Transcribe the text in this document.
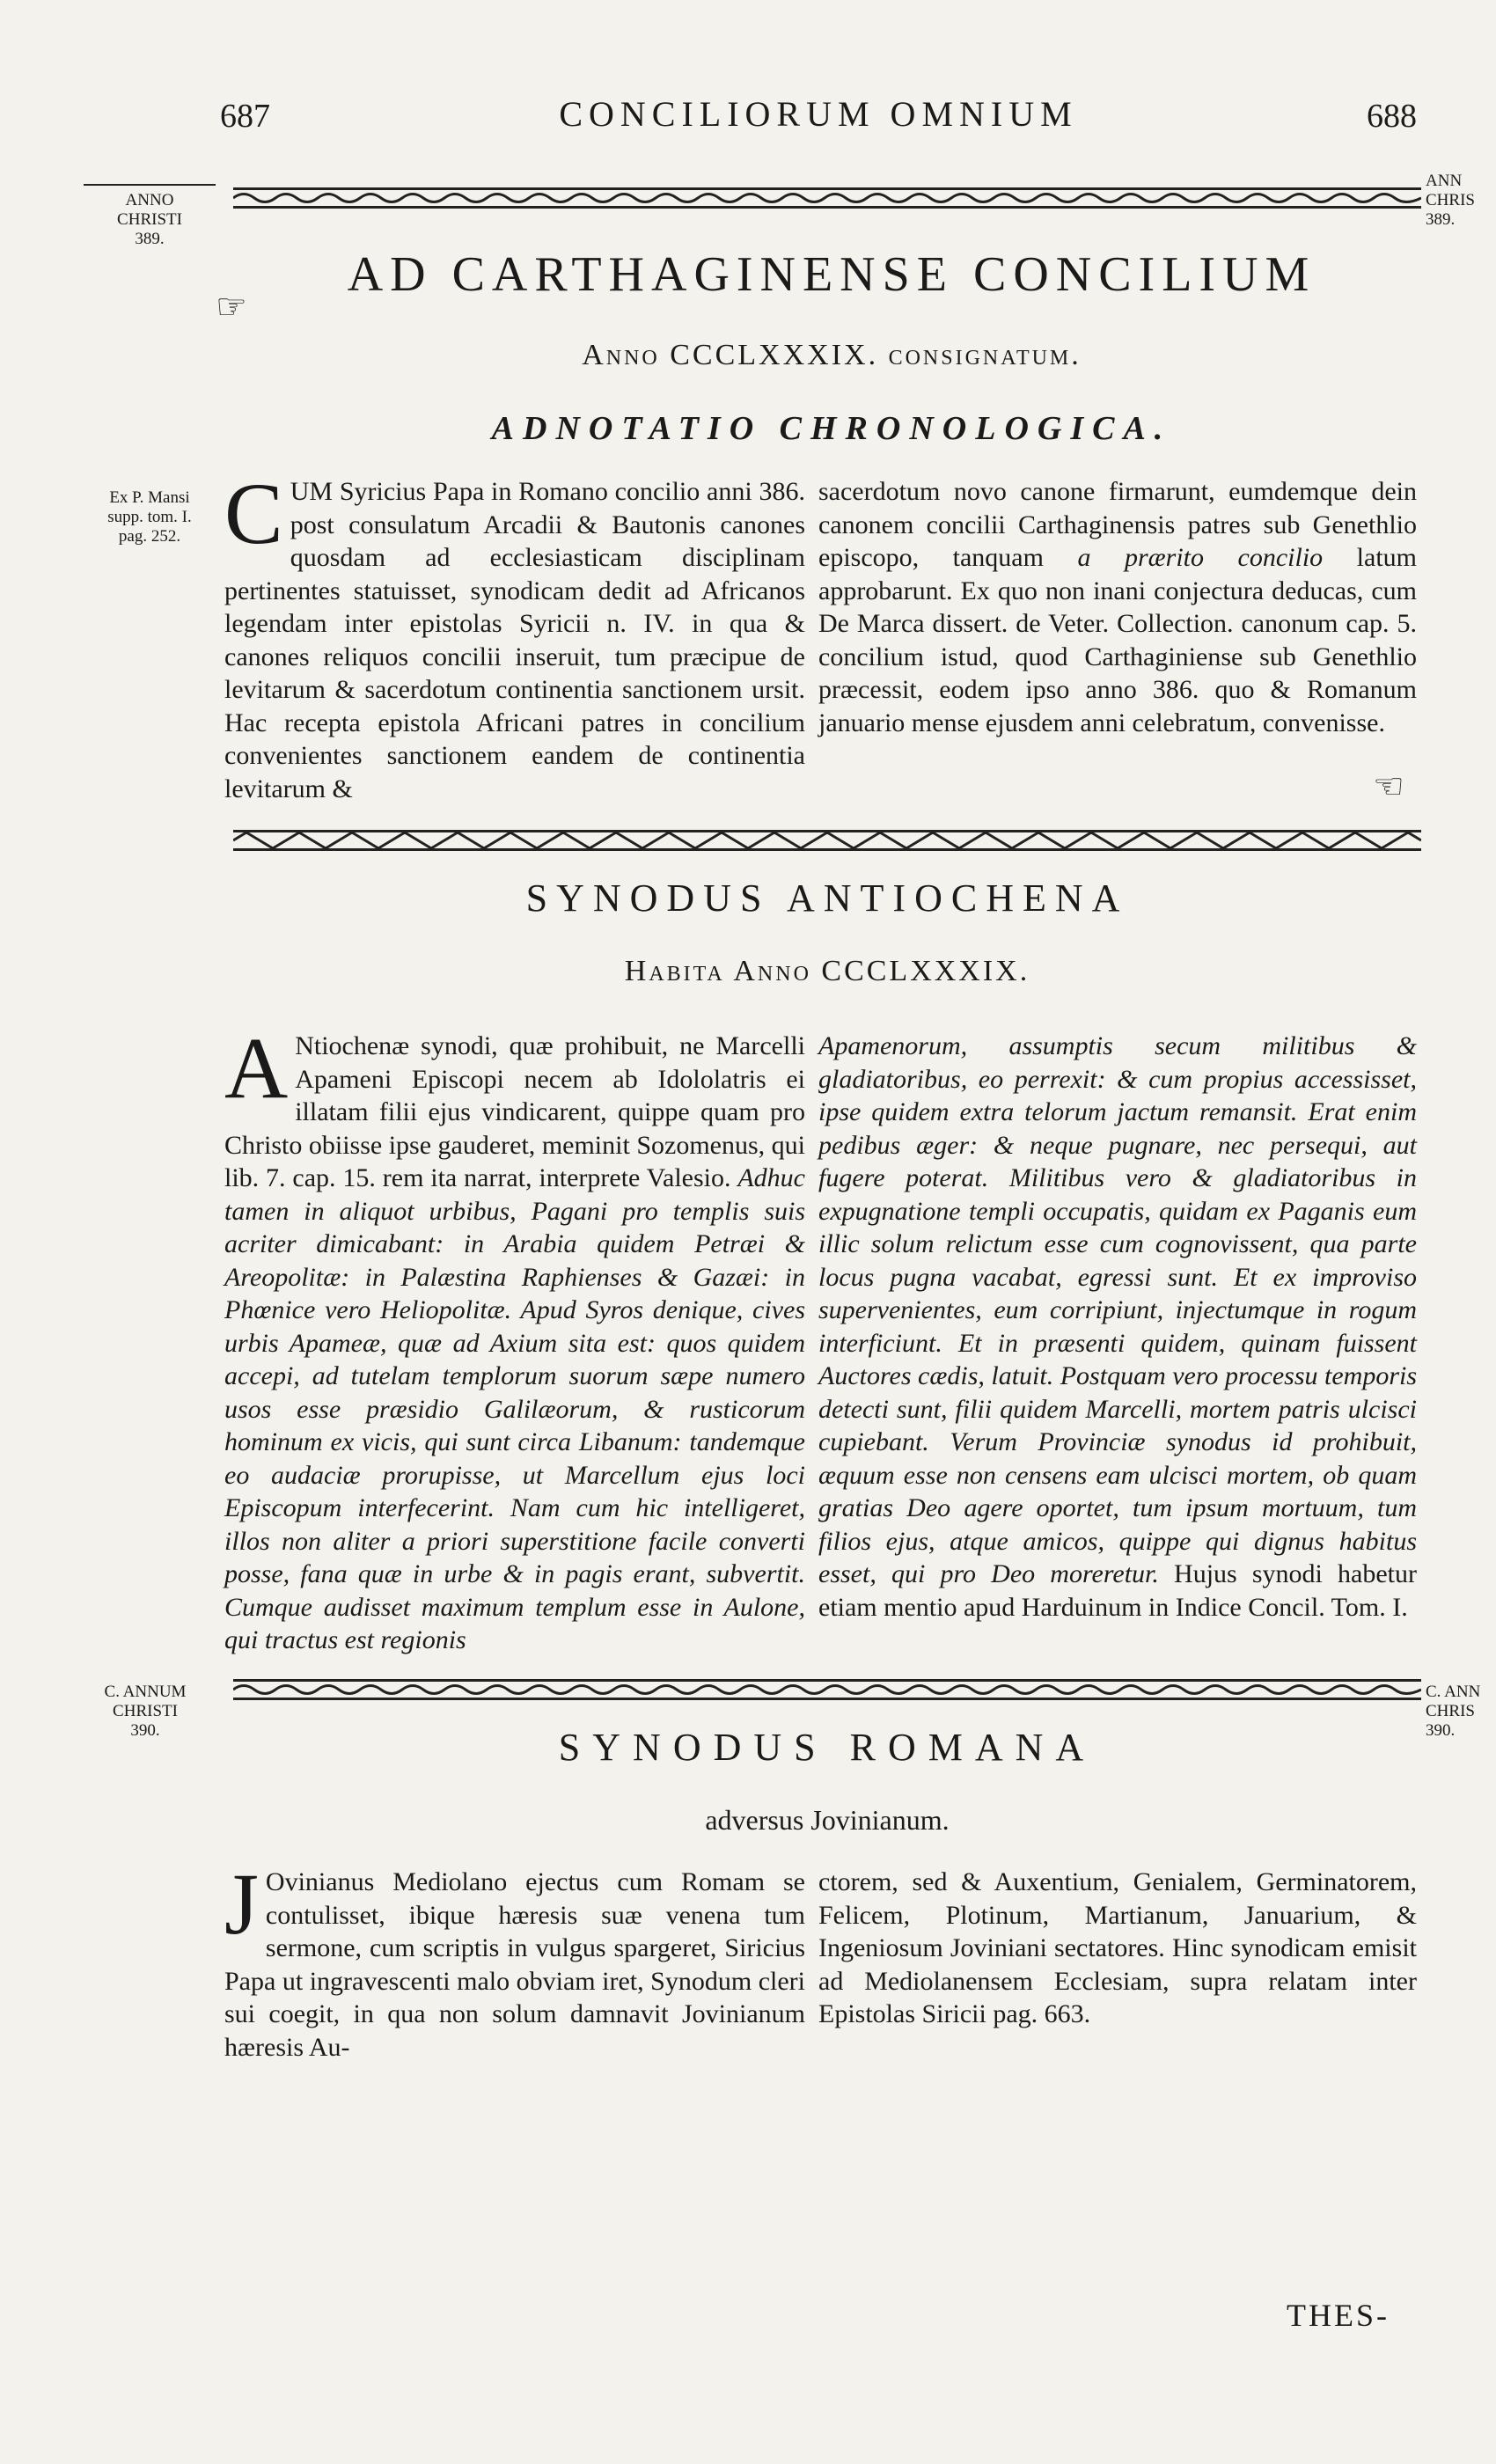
687	CONCILIORUM OMNIUM	688
ANNO
CHRISTI
389.
ANN
CHRIS
389.
☞
AD CARTHAGINENSE CONCILIUM
Anno CCCLXXXIX. consignatum.
ADNOTATIO CHRONOLOGICA.
Ex P. Mansi
supp. tom. I.
pag. 252. CUM Syricius Papa in Romano concilio anni 386. post consulatum Arcadii & Bautonis canones quosdam ad ecclesiasticam disciplinam pertinentes statuisset, synodicam dedit ad Africanos legendam inter epistolas Syricii n. IV. in qua & canones reliquos concilii inseruit, tum præcipue de levitarum & sacerdotum continentia sanctionem ursit. Hac recepta epistola Africani patres in concilium convenientes sanctionem eandem de continentia levitarum &

sacerdotum novo canone firmarunt, eumdemque dein canonem concilii Carthaginensis patres sub Genethlio episcopo, tanquam a prærito concilio latum approbarunt. Ex quo non inani conjectura deducas, cum De Marca dissert. de Veter. Collection. canonum cap. 5. concilium istud, quod Carthaginiense sub Genethlio præcessit, eodem ipso anno 386. quo & Romanum januario mense ejusdem anni celebratum, convenisse.

☜
SYNODUS ANTIOCHENA
Habita Anno CCCLXXXIX.

A Ntiochenæ synodi, quæ prohibuit, ne Marcelli Apameni Episcopi necem ab Idololatris ei illatam filii ejus vindicarent, quippe quam pro Christo obiisse ipse gauderet, meminit Sozomenus, qui lib. 7. cap. 15. rem ita narrat, interprete Valesio. Adhuc tamen in aliquot urbibus, Pagani pro templis suis acriter dimicabant: in Arabia quidem Petræi & Areopolitæ: in Palæstina Raphienses & Gazæi: in Phœnice vero Heliopolitæ. Apud Syros denique, cives urbis Apameæ, quæ ad Axium sita est: quos quidem accepi, ad tutelam templorum suorum sæpe numero usos esse præsidio Galilæorum, & rusticorum hominum ex vicis, qui sunt circa Libanum: tandemque eo audaciæ prorupisse, ut Marcellum ejus loci Episcopum interfecerint. Nam cum hic intelligeret, illos non aliter a priori superstitione facile converti posse, fana quæ in urbe & in pagis erant, subvertit. Cumque audisset maximum templum esse in Aulone, qui tractus est regionis

Apamenorum, assumptis secum militibus & gladiatoribus, eo perrexit: & cum propius accessisset, ipse quidem extra telorum jactum remansit. Erat enim pedibus æger: & neque pugnare, nec persequi, aut fugere poterat. Militibus vero & gladiatoribus in expugnatione templi occupatis, quidam ex Paganis eum illic solum relictum esse cum cognovissent, qua parte locus pugna vacabat, egressi sunt. Et ex improviso supervenientes, eum corripiunt, injectumque in rogum interficiunt. Et in præsenti quidem, quinam fuissent Auctores cædis, latuit. Postquam vero processu temporis detecti sunt, filii quidem Marcelli, mortem patris ulcisci cupiebant. Verum Provinciæ synodus id prohibuit, æquum esse non censens eam ulcisci mortem, ob quam gratias Deo agere oportet, tum ipsum mortuum, tum filios ejus, atque amicos, quippe qui dignus habitus esset, qui pro Deo moreretur. Hujus synodi habetur etiam mentio apud Harduinum in Indice Concil. Tom. I.

C. ANNUM
CHRISTI
390.
C. ANN
CHRIS
390.
SYNODUS ROMANA
adversus Jovinianum.

J Ovinianus Mediolano ejectus cum Romam se contulisset, ibique hæresis suæ venena tum sermone, cum scriptis in vulgus spargeret, Siricius Papa ut ingravescenti malo obviam iret, Synodum cleri sui coegit, in qua non solum damnavit Jovinianum hæresis Au-

ctorem, sed & Auxentium, Genialem, Germinatorem, Felicem, Plotinum, Martianum, Januarium, & Ingeniosum Joviniani sectatores. Hinc synodicam emisit ad Mediolanensem Ecclesiam, supra relatam inter Epistolas Siricii pag. 663.

THES-
